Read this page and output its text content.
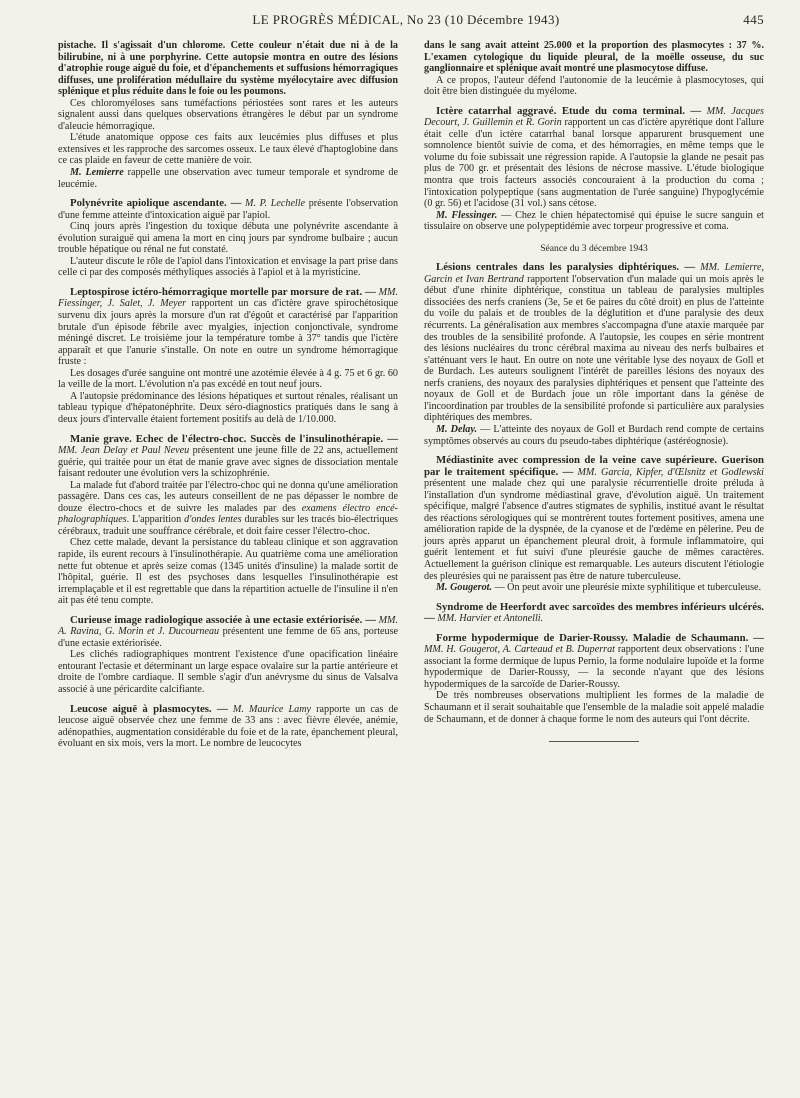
LE PROGRÈS MÉDICAL, No 23 (10 Décembre 1943)	445

pistache. Il s'agissait d'un chlorome. Cette couleur n'était due ni à de la bilirubine, ni à une porphyrine. Cette autopsie montra en outre des lésions d'atrophie rouge aiguë du foie, et d'épanchements et suffusions hémorragiques diffuses, une prolifération médullaire du système myélocytaire avec diffusion splénique et plus réduite dans le foie ou les poumons.

Ces chloromyéloses sans tuméfactions périostées sont rares et les auteurs signalent aussi dans quelques observations étrangères le début par un syndrome d'aleucie hémorragique.

L'étude anatomique oppose ces faits aux leucémies plus diffuses et plus extensives et les rapproche des sarcomes osseux. Le taux élevé d'haptoglobine dans ce cas plaide en faveur de cette manière de voir.

M. Lemierre rappelle une observation avec tumeur temporale et syndrome de leucémie.

Polynévrite apiolique ascendante. — M. P. Lechelle présente l'observation d'une femme atteinte d'intoxication aiguë par l'apiol.

Cinq jours après l'ingestion du toxique débuta une polynévrite ascendante à évolution suraiguë qui amena la mort en cinq jours par syndrome bulbaire ; aucun trouble hépatique ou rénal ne fut constaté.

L'auteur discute le rôle de l'apiol dans l'intoxication et envisage la part prise dans celle ci par des composés méthyliques associés à l'apiol et à la myristicine.

Leptospirose ictéro-hémorragique mortelle par morsure de rat. — MM. Fiessinger, J. Salet, J. Meyer rapportent un cas d'ictère grave spirochétosique survenu dix jours après la morsure d'un rat d'égoût et caractérisé par l'apparition brutale d'un épisode fébrile avec myalgies, injection conjonctivale, syndrome méningé discret. Le troisième jour la température tombe à 37° tandis que l'ictère apparaît et que l'anurie s'installe. On note en outre un syndrome hémorragique fruste :

Les dosages d'urée sanguine ont montré une azotémie élevée à 4 g. 75 et 6 gr. 60 la veille de la mort. L'évolution n'a pas excédé en tout neuf jours.

A l'autopsie prédominance des lésions hépatiques et surtout rénales, réalisant un tableau typique d'hépatonéphrite. Deux séro-diagnostics pratiqués dans le sang à deux jours d'intervalle étaient fortement positifs au delà de 1/10.000.

Manie grave. Echec de l'électro-choc. Succès de l'insulinothérapie. — MM. Jean Delay et Paul Neveu présentent une jeune fille de 22 ans, actuellement guérie, qui traitée pour un état de manie grave avec signes de dissociation mentale faisant redouter une évolution vers la schizophrénie.

La malade fut d'abord traitée par l'électro-choc qui ne donna qu'une amélioration passagère. Dans ces cas, les auteurs conseillent de ne pas dépasser le nombre de douze électro-chocs et de suivre les malades par des examens électro encé-phalographiques. L'apparition d'ondes lentes durables sur les tracés bio-électriques cérébraux, traduit une souffrance cérébrale, et doit faire cesser l'électro-choc.

Chez cette malade, devant la persistance du tableau clinique et son aggravation rapide, ils eurent recours à l'insulinothérapie. Au quatrième coma une amélioration nette fut obtenue et après seize comas (1345 unités d'insuline) la malade sortit de l'hôpital, guérie. Il est des psychoses dans lesquelles l'insulinothérapie est irremplaçable et il est regrettable que dans la répartition actuelle de l'insuline il n'en ait pas été tenu compte.

Curieuse image radiologique associée à une ectasie extériorisée. — MM. A. Ravina, G. Morin et J. Ducourneau présentent une femme de 65 ans, porteuse d'une ectasie extériorisée.

Les clichés radiographiques montrent l'existence d'une opacification linéaire entourant l'ectasie et déterminant un large espace ovalaire sur la partie antérieure et droite de l'ombre cardiaque. Il semble s'agir d'un anévrysme du sinus de Valsalva associé à une péricardite calcifiante.

Leucose aiguë à plasmocytes. — M. Maurice Lamy rapporte un cas de leucose aiguë observée chez une femme de 33 ans : avec fièvre élevée, anémie, adénopathies, augmentation considérable du foie et de la rate, épanchement pleural, évoluant en six mois, vers la mort. Le nombre de leucocytes

dans le sang avait atteint 25.000 et la proportion des plasmocytes : 37 %. L'examen cytologique du liquide pleural, de la moëlle osseuse, du suc ganglionnaire et splénique avait montré une plasmocytose diffuse.

A ce propos, l'auteur défend l'autonomie de la leucémie à plasmocytoses, qui doit être bien distinguée du myélome.

Ictère catarrhal aggravé. Etude du coma terminal. — MM. Jacques Decourt, J. Guillemin et R. Gorin rapportent un cas d'ictère apyrétique dont l'allure était celle d'un ictère catarrhal banal lorsque apparurent brusquement une somnolence bientôt suivie de coma, et des hémorragies, en même temps que le volume du foie subissait une régression rapide. A l'autopsie la glande ne pesait pas plus de 700 gr. et présentait des lésions de nécrose massive. L'étude biologique montra que trois facteurs associés concouraient à la production du coma ; l'intoxication polypeptique (sans augmentation de l'urée sanguine) l'hypoglycémie (0 gr. 56) et l'acidose (31 vol.) sans cétose.

M. Flessinger. — Chez le chien hépatectomisé qui épuise le sucre sanguin et tissulaire on observe une polypeptidémie avec torpeur progressive et coma.

Séance du 3 décembre 1943

Lésions centrales dans les paralysies diphtériques. — MM. Lemierre, Garcin et Ivan Bertrand rapportent l'observation d'un malade qui un mois après le début d'une rhinite diphtérique, constitua un tableau de paralysies multiples dissociées des nerfs craniens (3e, 5e et 6e paires du côté droit) en plus de l'atteinte du voile du palais et de troubles de la déglutition et d'une paralysie des deux récurrents. La généralisation aux membres s'accompagna d'une ataxie marquée par des troubles de la sensibilité profonde. A l'autopsie, les coupes en série montrent des lésions nucléaires du tronc cérébral maxima au niveau des nerfs bulbaires et s'atténuant vers le haut. En outre on note une véritable lyse des noyaux de Goll et de Burdach. Les auteurs soulignent l'intérêt de pareilles lésions des noyaux des nerfs craniens, des noyaux des paralysies diphtériques et pensent que l'atteinte des noyaux de Goll et de Burdach joue un rôle important dans la génèse de l'incoordination par troubles de la sensibilité profonde si particulière aux paralysies diphtériques des membres.

M. Delay. — L'atteinte des noyaux de Goll et Burdach rend compte de certains symptômes observés au cours du pseudo-tabes diphtérique (astéréognosie).

Médiastinite avec compression de la veine cave supérieure. Guerison par le traitement spécifique. — MM. Garcia, Kipfer, d'Œlsnitz et Godlewski présentent une malade chez qui une paralysie récurrentielle droite préluda à l'installation d'un syndrome médiastinal grave, d'évolution aiguë. Un traitement spécifique, malgré l'absence d'autres stigmates de syphilis, institué avant le résultat des réactions sérologiques qui se montrèrent toutes fortement positives, amena une amélioration rapide de la dyspnée, de la cyanose et de l'œdème en pèlerine. Peu de jours après apparut un épanchement pleural droit, à formule inflammatoire, qui guérit lentement et fut suivi d'une pleurésie gauche de mêmes caractères. Actuellement la guérison clinique est remarquable. Les auteurs discutent l'étiologie des pleurésies qui ne paraissent pas être de nature tuberculeuse.

M. Gougerot. — On peut avoir une pleurésie mixte syphilitique et tuberculeuse.

Syndrome de Heerfordt avec sarcoïdes des membres inférieurs ulcérés. — MM. Harvier et Antonelli.

Forme hypodermique de Darier-Roussy. Maladie de Schaumann. — MM. H. Gougerot, A. Carteaud et B. Duperrat rapportent deux observations : l'une associant la forme dermique de lupus Pernio, la forme nodulaire lupoïde et la forme hypodermique de Darier-Roussy, — la seconde n'ayant que des lésions hypodermiques de la sarcoïde de Darier-Roussy.

De très nombreuses observations multiplient les formes de la maladie de Schaumann et il serait souhaitable que l'ensemble de la maladie soit appelé maladie de Schaumann, et de donner à chaque forme le nom des auteurs qui l'ont décrite.
